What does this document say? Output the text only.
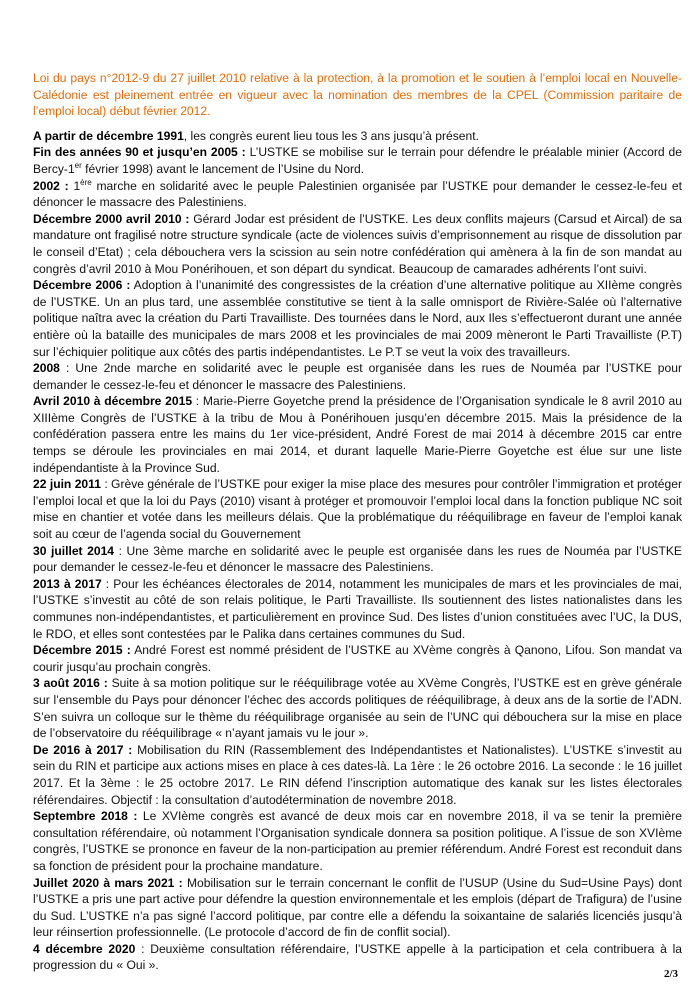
Loi du pays n°2012-9 du 27 juillet 2010 relative à la protection, à la promotion et le soutien à l’emploi local en Nouvelle-Calédonie est pleinement entrée en vigueur avec la nomination des membres de la CPEL (Commission paritaire de l’emploi local) début février 2012.

A partir de décembre 1991, les congrès eurent lieu tous les 3 ans jusqu’à présent.

Fin des années 90 et jusqu’en 2005 : L’USTKE se mobilise sur le terrain pour défendre le préalable minier (Accord de Bercy-1er février 1998) avant le lancement de l’Usine du Nord.

2002 : 1ère marche en solidarité avec le peuple Palestinien organisée par l’USTKE pour demander le cessez-le-feu et dénoncer le massacre des Palestiniens.

Décembre 2000 avril 2010 : Gérard Jodar est président de l’USTKE. Les deux conflits majeurs (Carsud et Aircal) de sa mandature ont fragilisé notre structure syndicale (acte de violences suivis d’emprisonnement au risque de dissolution par le conseil d’Etat) ; cela débouchera vers la scission au sein notre confédération qui amènera à la fin de son mandat au congrès d’avril 2010 à Mou Ponérihouen, et son départ du syndicat. Beaucoup de camarades adhérents l’ont suivi.

Décembre 2006 : Adoption à l’unanimité des congressistes de la création d’une alternative politique au XIIème congrès de l’USTKE. Un an plus tard, une assemblée constitutive se tient à la salle omnisport de Rivière-Salée où l’alternative politique naîtra avec la création du Parti Travailliste. Des tournées dans le Nord, aux Iles s’effectueront durant une année entière où la bataille des municipales de mars 2008 et les provinciales de mai 2009 mèneront le Parti Travailliste (P.T) sur l’échiquier politique aux côtés des partis indépendantistes. Le P.T se veut la voix des travailleurs.

2008 : Une 2nde marche en solidarité avec le peuple est organisée dans les rues de Nouméa par l’USTKE pour demander le cessez-le-feu et dénoncer le massacre des Palestiniens.

Avril 2010 à décembre 2015 : Marie-Pierre Goyetche prend la présidence de l’Organisation syndicale le 8 avril 2010 au XIIIème Congrès de l’USTKE à la tribu de Mou à Ponérihouen jusqu’en décembre 2015. Mais la présidence de la confédération passera entre les mains du 1er vice-président, André Forest de mai 2014 à décembre 2015 car entre temps se déroule les provinciales en mai 2014, et durant laquelle Marie-Pierre Goyetche est élue sur une liste indépendantiste à la Province Sud.

22 juin 2011 : Grève générale de l’USTKE pour exiger la mise place des mesures pour contrôler l’immigration et protéger l’emploi local et que la loi du Pays (2010) visant à protéger et promouvoir l’emploi local dans la fonction publique NC soit mise en chantier et votée dans les meilleurs délais. Que la problématique du rééquilibrage en faveur de l’emploi kanak soit au cœur de l’agenda social du Gouvernement

30 juillet 2014 : Une 3ème marche en solidarité avec le peuple est organisée dans les rues de Nouméa par l’USTKE pour demander le cessez-le-feu et dénoncer le massacre des Palestiniens.

2013 à 2017 : Pour les échéances électorales de 2014, notamment les municipales de mars et les provinciales de mai, l’USTKE s’investit au côté de son relais politique, le Parti Travailliste. Ils soutiennent des listes nationalistes dans les communes non-indépendantistes, et particulièrement en province Sud. Des listes d’union constituées avec l’UC, la DUS, le RDO, et elles sont contestées par le Palika dans certaines communes du Sud.

Décembre 2015 : André Forest est nommé président de l’USTKE au XVème congrès à Qanono, Lifou. Son mandat va courir jusqu’au prochain congrès.

3 août 2016 : Suite à sa motion politique sur le rééquilibrage votée au XVème Congrès, l’USTKE est en grève générale sur l’ensemble du Pays pour dénoncer l’échec des accords politiques de rééquilibrage, à deux ans de la sortie de l’ADN. S’en suivra un colloque sur le thème du rééquilibrage organisée au sein de l’UNC qui débouchera sur la mise en place de l’observatoire du rééquilibrage « n’ayant jamais vu le jour ».

De 2016 à 2017 : Mobilisation du RIN (Rassemblement des Indépendantistes et Nationalistes). L’USTKE s’investit au sein du RIN et participe aux actions mises en place à ces dates-là. La 1ère : le 26 octobre 2016. La seconde : le 16 juillet 2017. Et la 3ème : le 25 octobre 2017. Le RIN défend l’inscription automatique des kanak sur les listes électorales référendaires. Objectif : la consultation d’autodétermination de novembre 2018.

Septembre 2018 : Le XVIème congrès est avancé de deux mois car en novembre 2018, il va se tenir la première consultation référendaire, où notamment l’Organisation syndicale donnera sa position politique. A l’issue de son XVIème congrès, l’USTKE se prononce en faveur de la non-participation au premier référendum. André Forest est reconduit dans sa fonction de président pour la prochaine mandature.

Juillet 2020 à mars 2021 : Mobilisation sur le terrain concernant le conflit de l’USUP (Usine du Sud=Usine Pays) dont l’USTKE a pris une part active pour défendre la question environnementale et les emplois (départ de Trafigura) de l’usine du Sud. L’USTKE n’a pas signé l’accord politique, par contre elle a défendu la soixantaine de salariés licenciés jusqu’à leur réinsertion professionnelle. (Le protocole d’accord de fin de conflit social).

4 décembre 2020 : Deuxième consultation référendaire, l’USTKE appelle à la participation et cela contribuera à la progression du « Oui ».

2/3
